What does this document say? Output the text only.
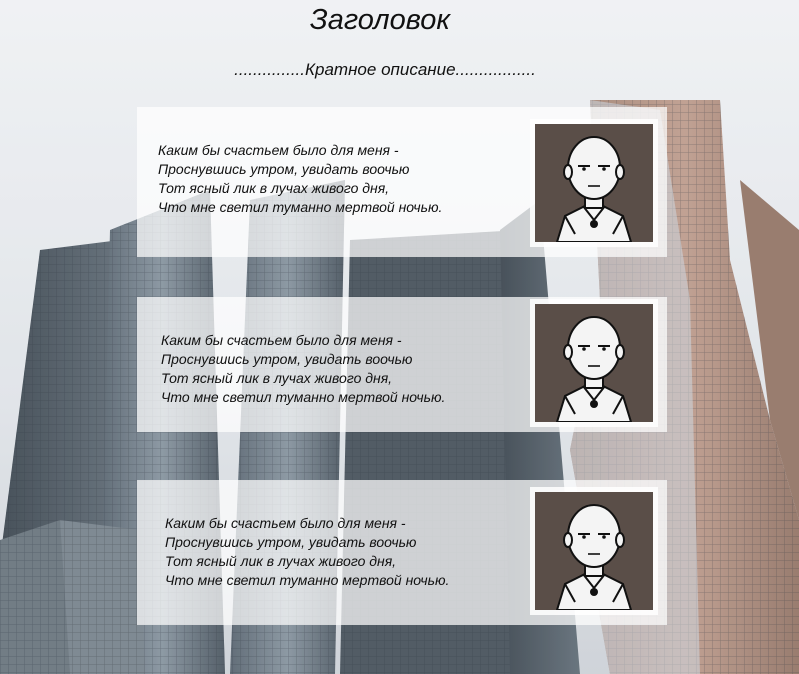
Заголовок
...............Кратное описание.................
Каким бы счастьем было для меня -
Проснувшись утром, увидать воочью
Тот ясный лик в лучах живого дня,
Что мне светил туманно мертвой ночью.
Каким бы счастьем было для меня -
Проснувшись утром, увидать воочью
Тот ясный лик в лучах живого дня,
Что мне светил туманно мертвой ночью.
Каким бы счастьем было для меня -
Проснувшись утром, увидать воочью
Тот ясный лик в лучах живого дня,
Что мне светил туманно мертвой ночью.
